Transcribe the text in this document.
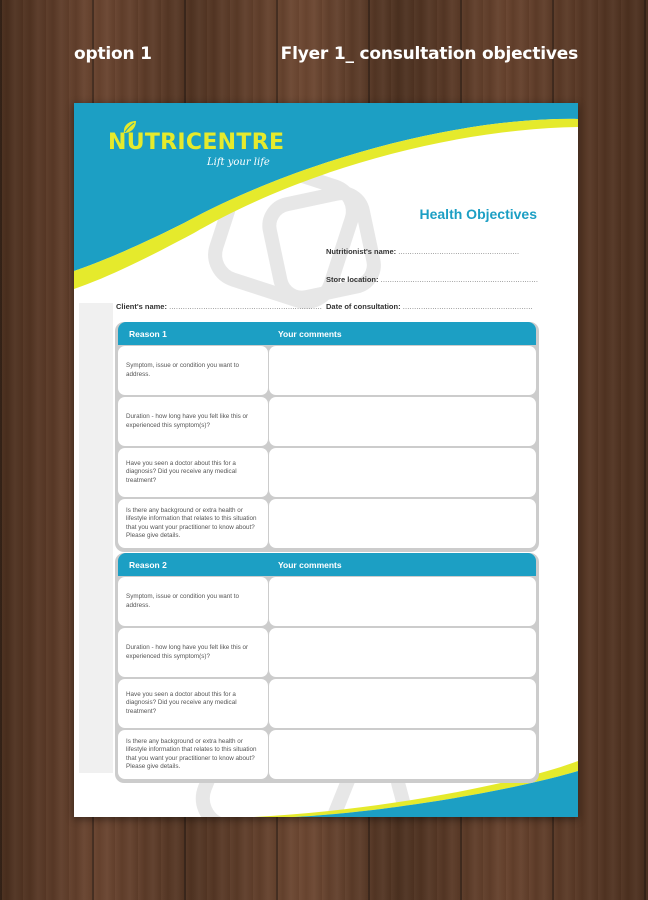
option 1	Flyer 1_ consultation objectives
NUTRICENTRE
Lift your life
Health Objectives
Nutritionist's name: .....................................................
Store location: .....................................................................
Client's name: ................................................................... Date of consultation: .........................................................
Reason 1	Your comments
Symptom, issue or condition you want to address.
Duration - how long have you felt like this or experienced this symptom(s)?
Have you seen a doctor about this for a diagnosis? Did you receive any medical treatment?
Is there any background or extra health or lifestyle information that relates to this situation that you want your practitioner to know about? Please give details.
Reason 2	Your comments
Symptom, issue or condition you want to address.
Duration - how long have you felt like this or experienced this symptom(s)?
Have you seen a doctor about this for a diagnosis? Did you receive any medical treatment?
Is there any background or extra health or lifestyle information that relates to this situation that you want your practitioner to know about? Please give details.
